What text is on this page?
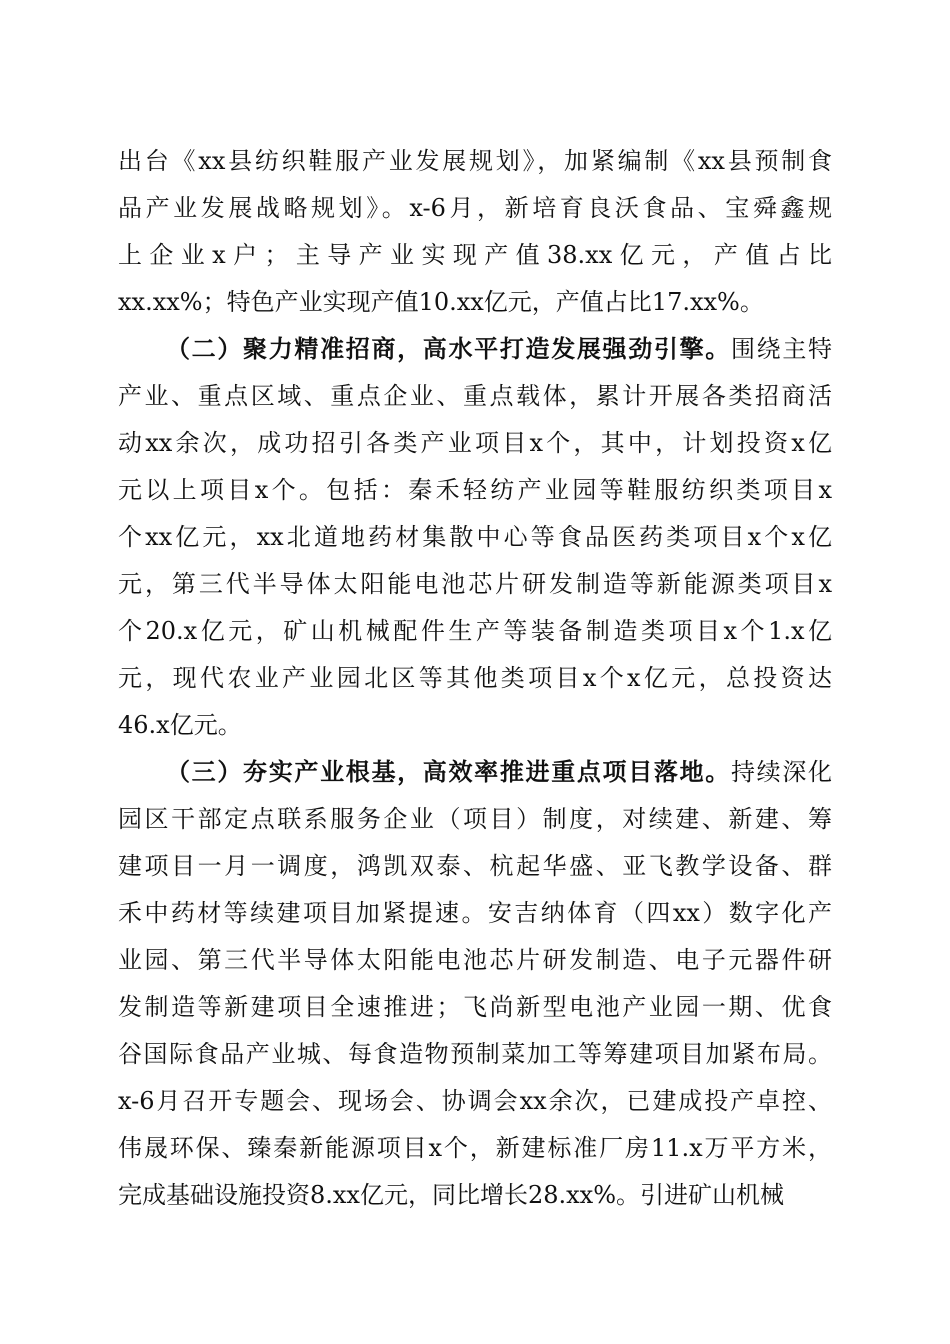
出台《xx县纺织鞋服产业发展规划》，加紧编制《xx县预制食
品产业发展战略规划》。x-6月，新培育良沃食品、宝舜鑫规
上企业x户；主导产业实现产值38.xx亿元，产值占比
xx.xx%；特色产业实现产值10.xx亿元，产值占比17.xx%。
（二）聚力精准招商，高水平打造发展强劲引擎。围绕主特
产业、重点区域、重点企业、重点载体，累计开展各类招商活
动xx余次，成功招引各类产业项目x个，其中，计划投资x亿
元以上项目x个。包括：秦禾轻纺产业园等鞋服纺织类项目x
个xx亿元，xx北道地药材集散中心等食品医药类项目x个x亿
元，第三代半导体太阳能电池芯片研发制造等新能源类项目x
个20.x亿元，矿山机械配件生产等装备制造类项目x个1.x亿
元，现代农业产业园北区等其他类项目x个x亿元，总投资达
46.x亿元。
（三）夯实产业根基，高效率推进重点项目落地。持续深化
园区干部定点联系服务企业（项目）制度，对续建、新建、筹
建项目一月一调度，鸿凯双泰、杭起华盛、亚飞教学设备、群
禾中药材等续建项目加紧提速。安吉纳体育（四xx）数字化产
业园、第三代半导体太阳能电池芯片研发制造、电子元器件研
发制造等新建项目全速推进；飞尚新型电池产业园一期、优食
谷国际食品产业城、每食造物预制菜加工等筹建项目加紧布局。
x-6月召开专题会、现场会、协调会xx余次，已建成投产卓控、
伟晟环保、臻秦新能源项目x个，新建标准厂房11.x万平方米，
完成基础设施投资8.xx亿元，同比增长28.xx%。引进矿山机械
